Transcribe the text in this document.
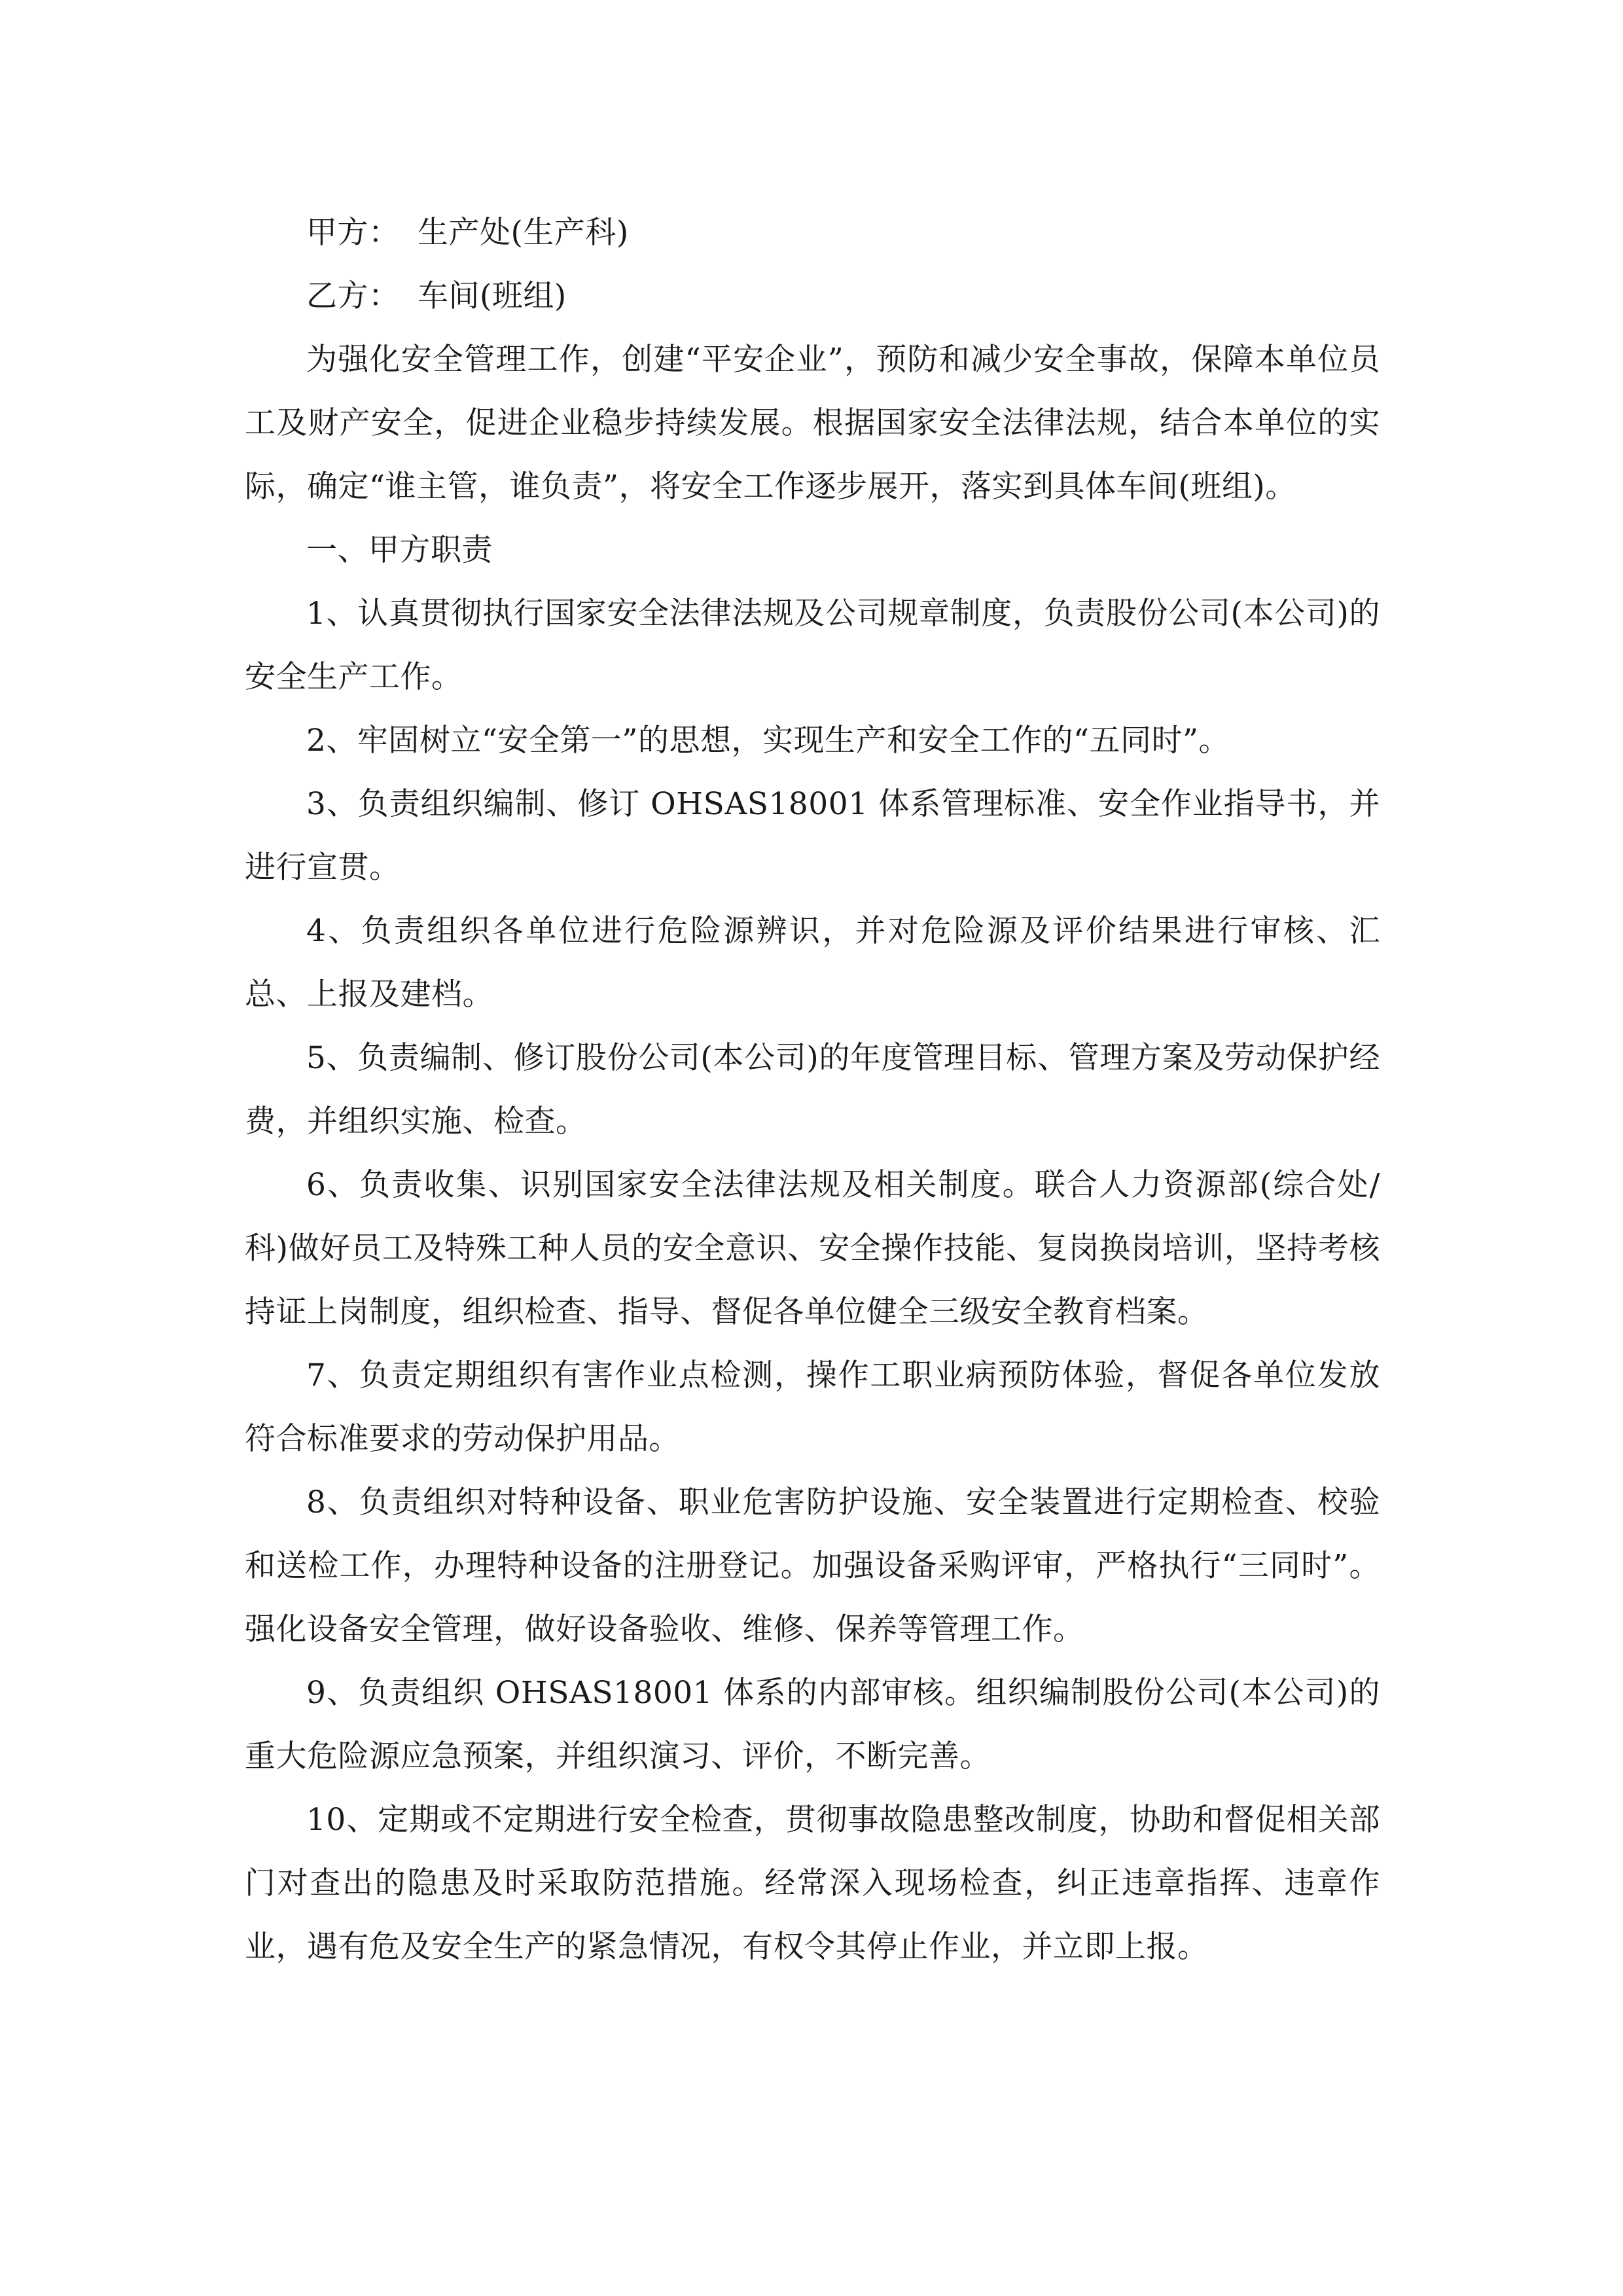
甲方： 生产处(生产科)
乙方： 车间(班组)

为强化安全管理工作，创建“平安企业”，预防和减少安全事故，保障本单位员工及财产安全，促进企业稳步持续发展。根据国家安全法律法规，结合本单位的实际，确定“谁主管，谁负责”，将安全工作逐步展开，落实到具体车间(班组)。

一、甲方职责

1、认真贯彻执行国家安全法律法规及公司规章制度，负责股份公司(本公司)的安全生产工作。

2、牢固树立“安全第一”的思想，实现生产和安全工作的“五同时”。

3、负责组织编制、修订 OHSAS18001 体系管理标准、安全作业指导书，并进行宣贯。

4、负责组织各单位进行危险源辨识，并对危险源及评价结果进行审核、汇总、上报及建档。

5、负责编制、修订股份公司(本公司)的年度管理目标、管理方案及劳动保护经费，并组织实施、检查。

6、负责收集、识别国家安全法律法规及相关制度。联合人力资源部(综合处/科)做好员工及特殊工种人员的安全意识、安全操作技能、复岗换岗培训，坚持考核持证上岗制度，组织检查、指导、督促各单位健全三级安全教育档案。

7、负责定期组织有害作业点检测，操作工职业病预防体验，督促各单位发放符合标准要求的劳动保护用品。

8、负责组织对特种设备、职业危害防护设施、安全装置进行定期检查、校验和送检工作，办理特种设备的注册登记。加强设备采购评审，严格执行“三同时”。强化设备安全管理，做好设备验收、维修、保养等管理工作。

9、负责组织 OHSAS18001 体系的内部审核。组织编制股份公司(本公司)的重大危险源应急预案，并组织演习、评价，不断完善。

10、定期或不定期进行安全检查，贯彻事故隐患整改制度，协助和督促相关部门对查出的隐患及时采取防范措施。经常深入现场检查，纠正违章指挥、违章作业，遇有危及安全生产的紧急情况，有权令其停止作业，并立即上报。
